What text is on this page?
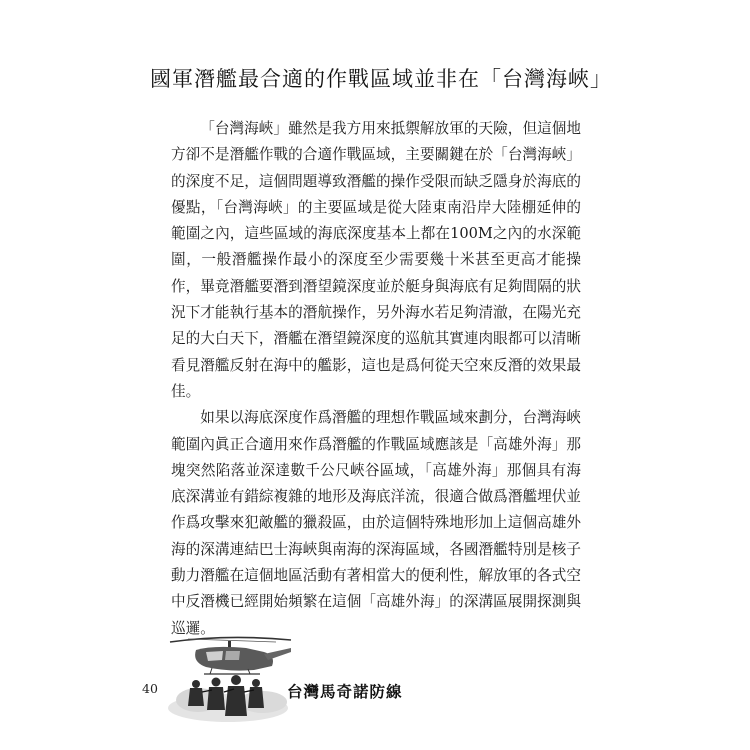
國軍潛艦最合適的作戰區域並非在「台灣海峽」

「台灣海峽」雖然是我方用來抵禦解放軍的天險，但這個地方卻不是潛艦作戰的合適作戰區域，主要關鍵在於「台灣海峽」的深度不足，這個問題導致潛艦的操作受限而缺乏隱身於海底的優點，「台灣海峽」的主要區域是從大陸東南沿岸大陸棚延伸的範圍之內，這些區域的海底深度基本上都在100M之內的水深範圍，一般潛艦操作最小的深度至少需要幾十米甚至更高才能操作，畢竟潛艦要潛到潛望鏡深度並於艇身與海底有足夠間隔的狀況下才能執行基本的潛航操作，另外海水若足夠清澈，在陽光充足的大白天下，潛艦在潛望鏡深度的巡航其實連肉眼都可以清晰看見潛艦反射在海中的艦影，這也是爲何從天空來反潛的效果最佳。

如果以海底深度作爲潛艦的理想作戰區域來劃分，台灣海峽範圍內眞正合適用來作爲潛艦的作戰區域應該是「高雄外海」那塊突然陷落並深達數千公尺峽谷區域，「高雄外海」那個具有海底深溝並有錯綜複雜的地形及海底洋流，很適合做爲潛艦埋伏並作爲攻擊來犯敵艦的獵殺區，由於這個特殊地形加上這個高雄外海的深溝連結巴士海峽與南海的深海區域，各國潛艦特別是核子動力潛艦在這個地區活動有著相當大的便利性，解放軍的各式空中反潛機已經開始頻繁在這個「高雄外海」的深溝區展開探測與巡邏。

40	台灣馬奇諾防線
